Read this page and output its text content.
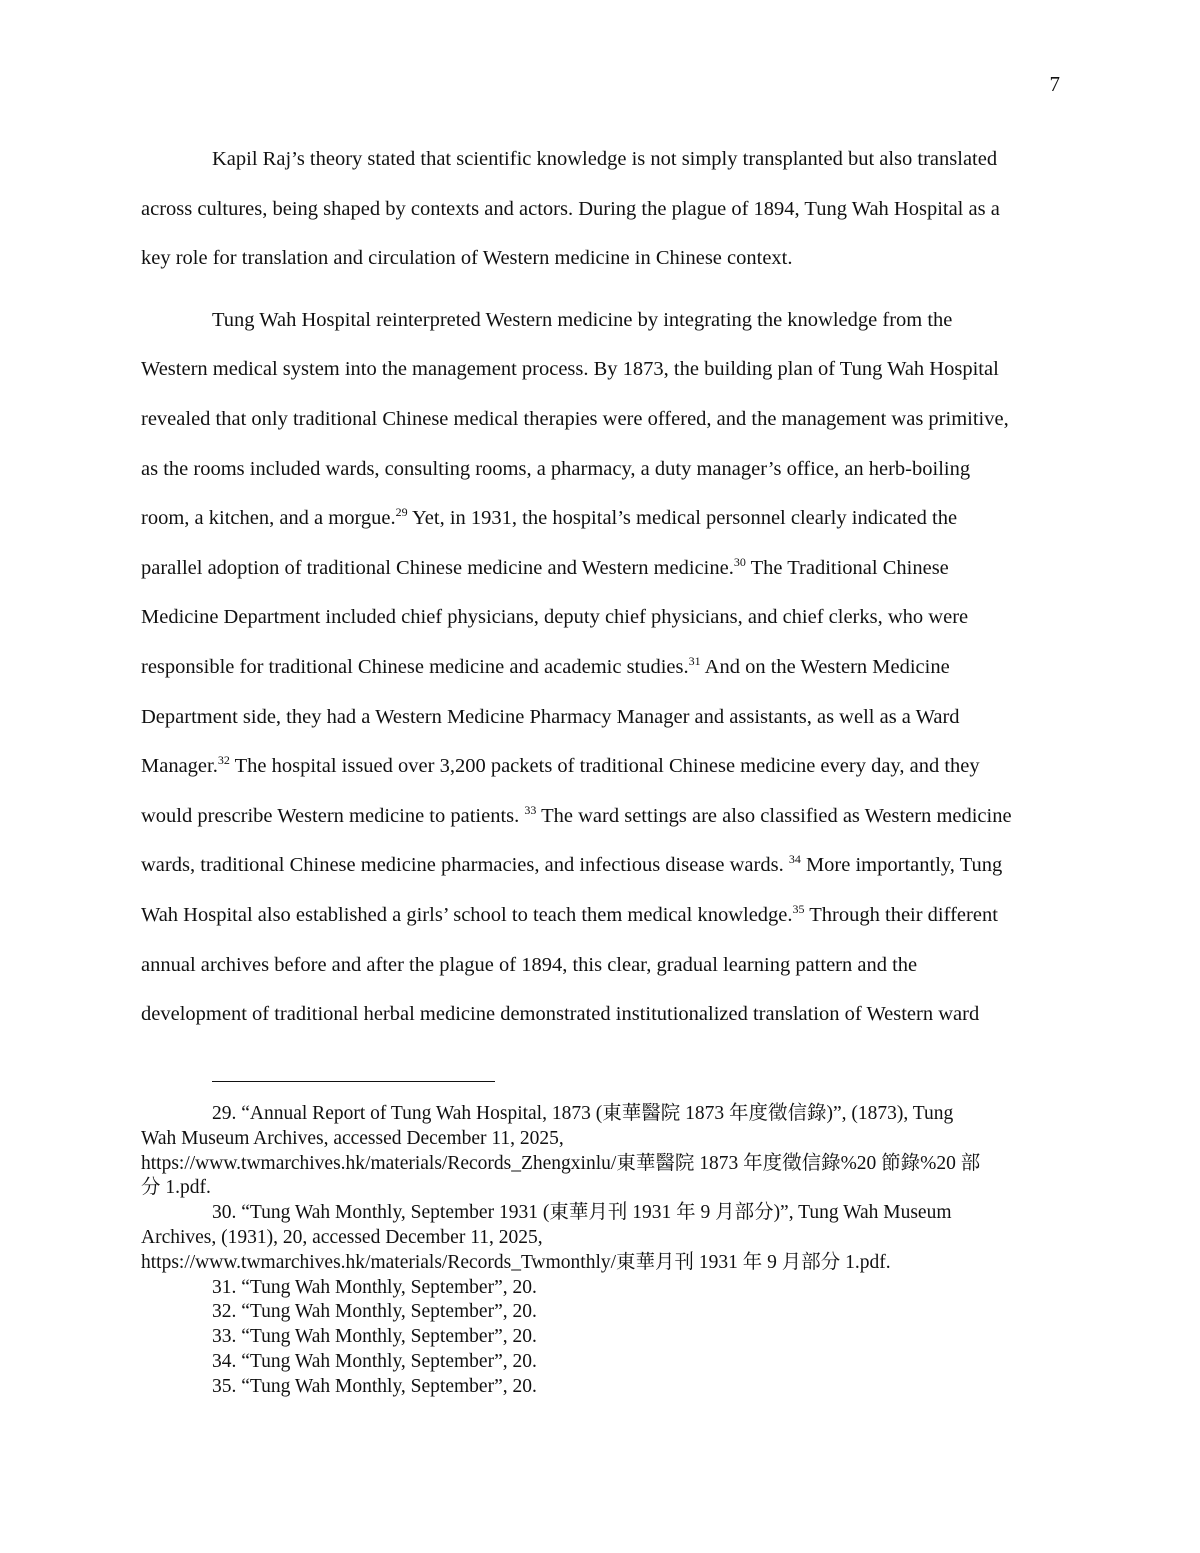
7
Kapil Raj’s theory stated that scientific knowledge is not simply transplanted but also translated
across cultures, being shaped by contexts and actors. During the plague of 1894, Tung Wah Hospital as a
key role for translation and circulation of Western medicine in Chinese context.
Tung Wah Hospital reinterpreted Western medicine by integrating the knowledge from the
Western medical system into the management process. By 1873, the building plan of Tung Wah Hospital
revealed that only traditional Chinese medical therapies were offered, and the management was primitive,
as the rooms included wards, consulting rooms, a pharmacy, a duty manager’s office, an herb-boiling
room, a kitchen, and a morgue.$^{29}$ Yet, in 1931, the hospital’s medical personnel clearly indicated the
parallel adoption of traditional Chinese medicine and Western medicine.$^{30}$ The Traditional Chinese
Medicine Department included chief physicians, deputy chief physicians, and chief clerks, who were
responsible for traditional Chinese medicine and academic studies.$^{31}$ And on the Western Medicine
Department side, they had a Western Medicine Pharmacy Manager and assistants, as well as a Ward
Manager.$^{32}$ The hospital issued over 3,200 packets of traditional Chinese medicine every day, and they
would prescribe Western medicine to patients. $^{33}$ The ward settings are also classified as Western medicine
wards, traditional Chinese medicine pharmacies, and infectious disease wards. $^{34}$ More importantly, Tung
Wah Hospital also established a girls’ school to teach them medical knowledge.$^{35}$ Through their different
annual archives before and after the plague of 1894, this clear, gradual learning pattern and the
development of traditional herbal medicine demonstrated institutionalized translation of Western ward
29. “Annual Report of Tung Wah Hospital, 1873 (東華醫院 1873 年度徵信錄)”, (1873), Tung
Wah Museum Archives, accessed December 11, 2025,
https://www.twmarchives.hk/materials/Records_Zhengxinlu/東華醫院 1873 年度徵信錄%20 節錄%20 部
分 1.pdf.
30. “Tung Wah Monthly, September 1931 (東華月刊 1931 年 9 月部分)”, Tung Wah Museum
Archives, (1931), 20, accessed December 11, 2025,
https://www.twmarchives.hk/materials/Records_Twmonthly/東華月刊 1931 年 9 月部分 1.pdf.
31. “Tung Wah Monthly, September”, 20.
32. “Tung Wah Monthly, September”, 20.
33. “Tung Wah Monthly, September”, 20.
34. “Tung Wah Monthly, September”, 20.
35. “Tung Wah Monthly, September”, 20.
